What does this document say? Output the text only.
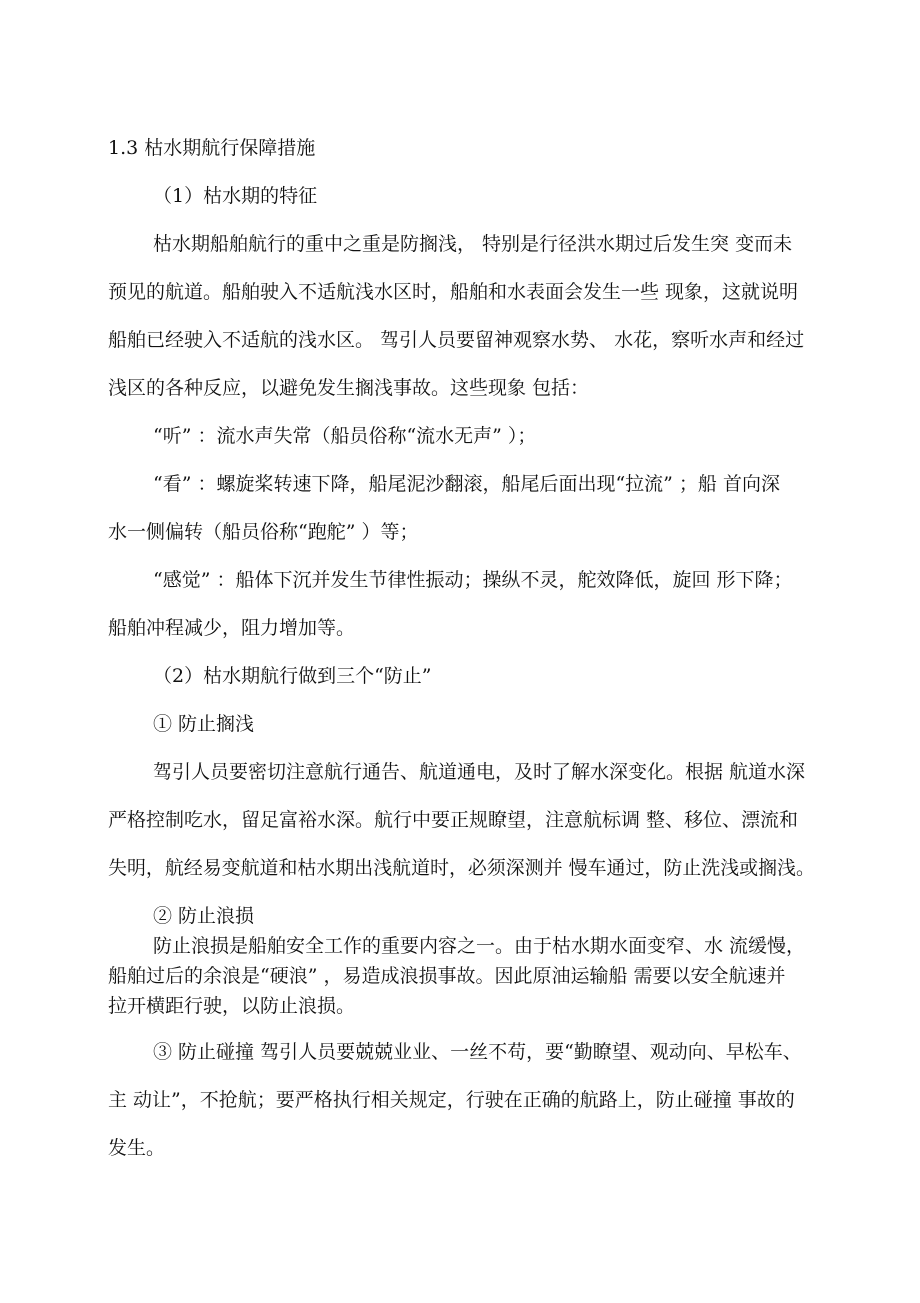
1.3 枯水期航行保障措施
（1）枯水期的特征
枯水期船舶航行的重中之重是防搁浅， 特别是行径洪水期过后发生突 变而未
预见的航道。船舶驶入不适航浅水区时，船舶和水表面会发生一些 现象，这就说明
船舶已经驶入不适航的浅水区。 驾引人员要留神观察水势、 水花，察听水声和经过
浅区的各种反应，以避免发生搁浅事故。这些现象 包括：
“听” ：流水声失常（船员俗称“流水无声” ）；
“看” ：螺旋桨转速下降，船尾泥沙翻滚，船尾后面出现“拉流” ；船 首向深
水一侧偏转（船员俗称“跑舵” ）等；
“感觉” ：船体下沉并发生节律性振动；操纵不灵，舵效降低，旋回 形下降；
船舶冲程减少，阻力增加等。
（2）枯水期航行做到三个“防止”
① 防止搁浅
驾引人员要密切注意航行通告、航道通电，及时了解水深变化。根据 航道水深
严格控制吃水，留足富裕水深。航行中要正规瞭望，注意航标调 整、移位、漂流和
失明，航经易变航道和枯水期出浅航道时，必须深测并 慢车通过，防止洗浅或搁浅。
② 防止浪损
防止浪损是船舶安全工作的重要内容之一。由于枯水期水面变窄、水 流缓慢，
船舶过后的余浪是“硬浪” ，易造成浪损事故。因此原油运输船 需要以安全航速并
拉开横距行驶，以防止浪损。
③ 防止碰撞 驾引人员要兢兢业业、一丝不苟，要“勤瞭望、观动向、早松车、
主 动让”，不抢航；要严格执行相关规定，行驶在正确的航路上，防止碰撞 事故的
发生。
